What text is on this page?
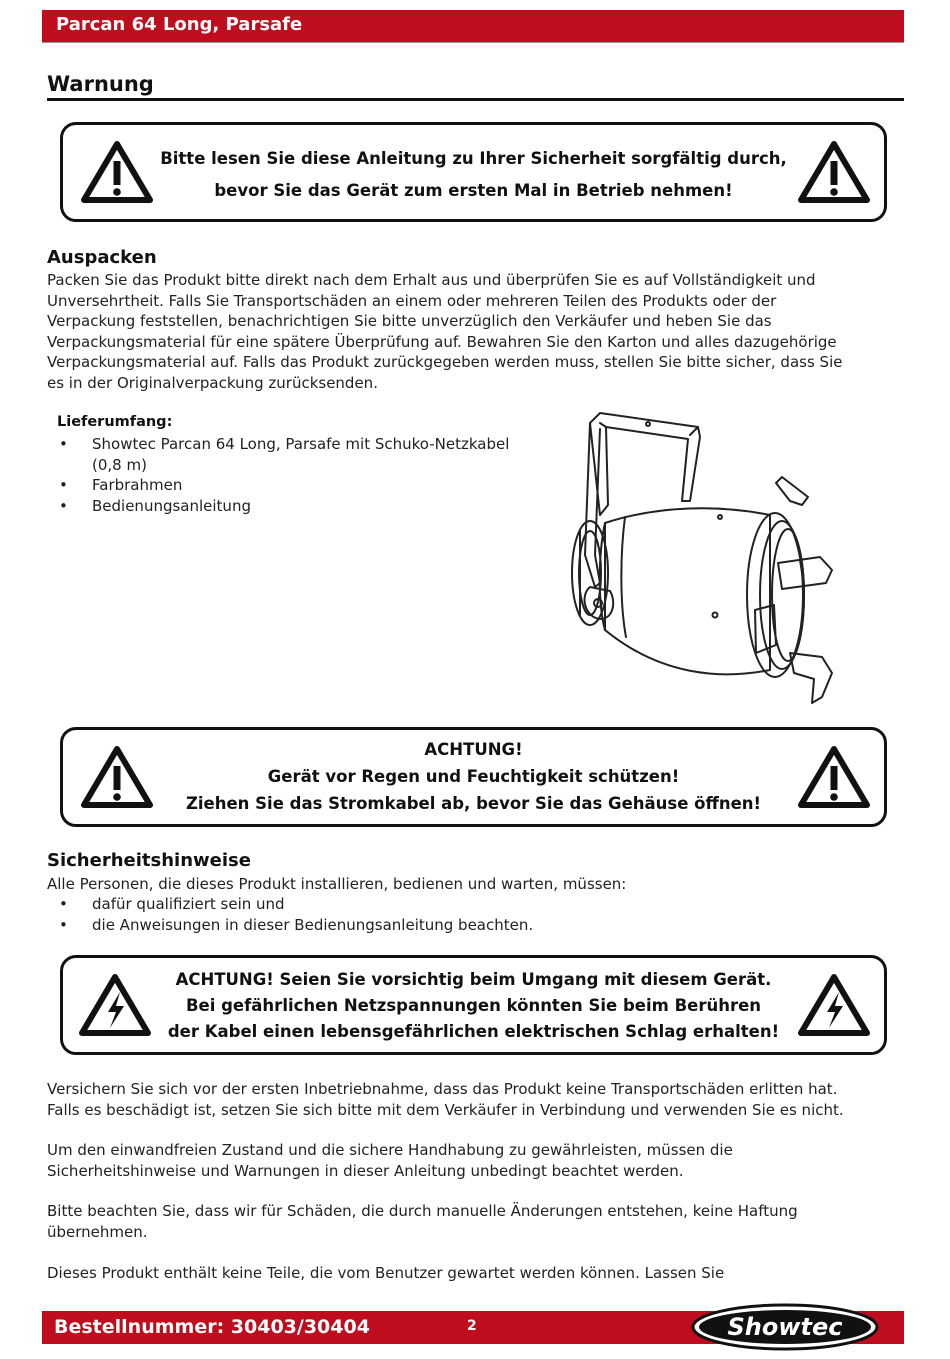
Parcan 64 Long, Parsafe
Warnung
Bitte lesen Sie diese Anleitung zu Ihrer Sicherheit sorgfältig durch,
bevor Sie das Gerät zum ersten Mal in Betrieb nehmen!
Auspacken

Packen Sie das Produkt bitte direkt nach dem Erhalt aus und überprüfen Sie es auf Vollständigkeit und

Unversehrtheit. Falls Sie Transportschäden an einem oder mehreren Teilen des Produkts oder der

Verpackung feststellen, benachrichtigen Sie bitte unverzüglich den Verkäufer und heben Sie das

Verpackungsmaterial für eine spätere Überprüfung auf. Bewahren Sie den Karton und alles dazugehörige

Verpackungsmaterial auf. Falls das Produkt zurückgegeben werden muss, stellen Sie bitte sicher, dass Sie

es in der Originalverpackung zurücksenden.

Lieferumfang:
• Showtec Parcan 64 Long, Parsafe mit Schuko-Netzkabel
(0,8 m)
• Farbrahmen
• Bedienungsanleitung
ACHTUNG!
Gerät vor Regen und Feuchtigkeit schützen!
Ziehen Sie das Stromkabel ab, bevor Sie das Gehäuse öffnen!
Sicherheitshinweise
Alle Personen, die dieses Produkt installieren, bedienen und warten, müssen:
• dafür qualifiziert sein und
• die Anweisungen in dieser Bedienungsanleitung beachten.
ACHTUNG! Seien Sie vorsichtig beim Umgang mit diesem Gerät.
Bei gefährlichen Netzspannungen könnten Sie beim Berühren
der Kabel einen lebensgefährlichen elektrischen Schlag erhalten!

Versichern Sie sich vor der ersten Inbetriebnahme, dass das Produkt keine Transportschäden erlitten hat.

Falls es beschädigt ist, setzen Sie sich bitte mit dem Verkäufer in Verbindung und verwenden Sie es nicht.

Um den einwandfreien Zustand und die sichere Handhabung zu gewährleisten, müssen die

Sicherheitshinweise und Warnungen in dieser Anleitung unbedingt beachtet werden.

Bitte beachten Sie, dass wir für Schäden, die durch manuelle Änderungen entstehen, keine Haftung

übernehmen.

Dieses Produkt enthält keine Teile, die vom Benutzer gewartet werden können. Lassen Sie

Bestellnummer: 30403/30404	2	Showtec
